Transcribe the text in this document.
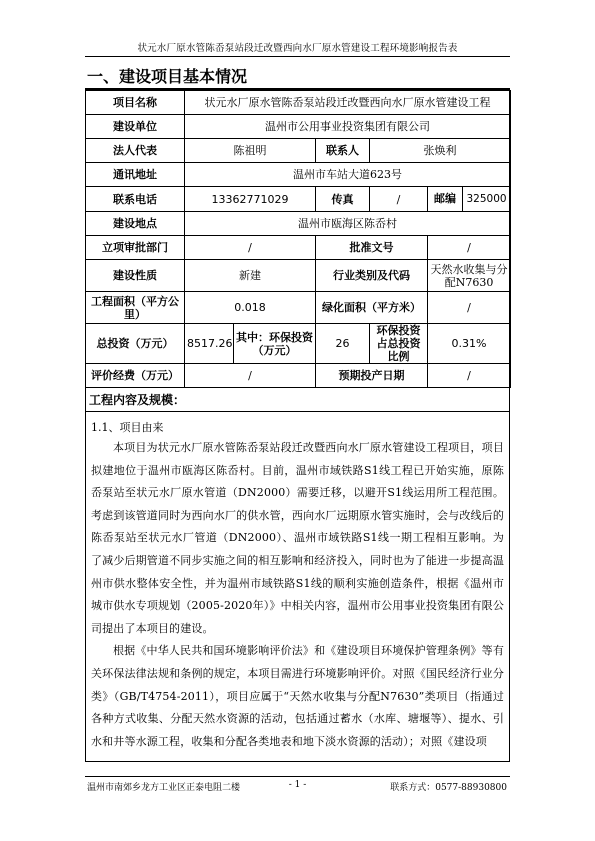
状元水厂原水管陈岙泵站段迁改暨西向水厂原水管建设工程环境影响报告表
一、建设项目基本情况
项目名称	状元水厂原水管陈岙泵站段迁改暨西向水厂原水管建设工程				
建设单位	温州市公用事业投资集团有限公司				
法人代表	陈祖明		联系人	张焕利	
通讯地址	温州市车站大道623号				
联系电话	13362771029		传真	/	邮编 325000

建设地点	温州市瓯海区陈岙村				
立项审批部门	/		批准文号		/
建设性质	新建		行业类别及代码		天然水收集与分配N7630
工程面积（平方公里）	0.018		绿化面积（平方米）		/
总投资（万元）	8517.26	其中：环保投资（万元）	26	环保投资占总投资比例	0.31%
评价经费（万元）	/		预期投产日期		/
工程内容及规模：

1.1、项目由来

本项目为状元水厂原水管陈岙泵站段迁改暨西向水厂原水管建设工程项目，项目拟建地位于温州市瓯海区陈岙村。目前，温州市域铁路S1线工程已开始实施，原陈岙泵站至状元水厂原水管道（DN2000）需要迁移，以避开S1线运用所工程范围。考虑到该管道同时为西向水厂的供水管，西向水厂远期原水管实施时，会与改线后的陈岙泵站至状元水厂管道（DN2000）、温州市域铁路S1线一期工程相互影响。为了减少后期管道不同步实施之间的相互影响和经济投入，同时也为了能进一步提高温州市供水整体安全性，并为温州市域铁路S1线的顺利实施创造条件，根据《温州市城市供水专项规划（2005-2020年）》中相关内容，温州市公用事业投资集团有限公司提出了本项目的建设。

根据《中华人民共和国环境影响评价法》和《建设项目环境保护管理条例》等有关环保法律法规和条例的规定，本项目需进行环境影响评价。对照《国民经济行业分类》（GB/T4754-2011），项目应属于“天然水收集与分配N7630”类项目（指通过各种方式收集、分配天然水资源的活动，包括通过蓄水（水库、塘堰等）、提水、引水和井等水源工程，收集和分配各类地表和地下淡水资源的活动）；对照《建设项

温州市南郊乡龙方工业区正泰电阻二楼	- 1 -	联系方式：0577-88930800
